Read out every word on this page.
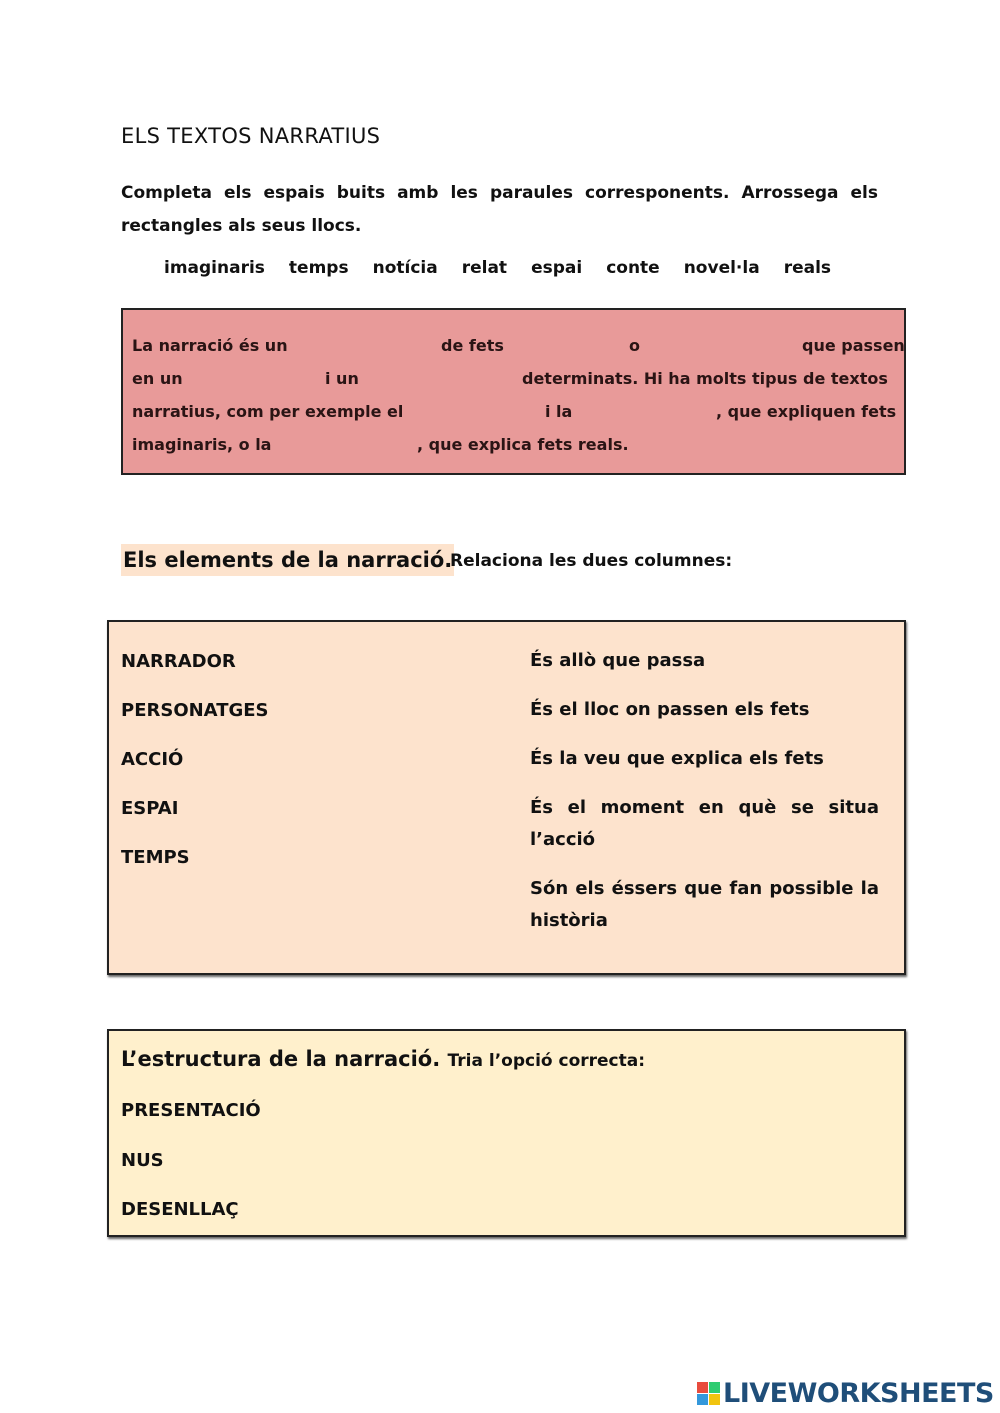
ELS TEXTOS NARRATIUS
Completa els espais buits amb les paraules corresponents. Arrossega els rectangles als seus llocs.
imaginaris	temps	notícia	relat	espai	conte	novel·la	reals
La narració és un	de fets	o	que passen
en un	i un	determinats. Hi ha molts tipus de textos
narratius, com per exemple el	i la	, que expliquen fets
imaginaris, o la	, que explica fets reals.
Els elements de la narració.
Relaciona les dues columnes:
NARRADOR
PERSONATGES
ACCIÓ
ESPAI
TEMPS
És allò que passa
És el lloc on passen els fets
És la veu que explica els fets
És el moment en què se situa l’acció
Són els éssers que fan possible la història
L’estructura de la narració. Tria l’opció correcta:
PRESENTACIÓ
NUS
DESENLLAÇ
LIVEWORKSHEETS
